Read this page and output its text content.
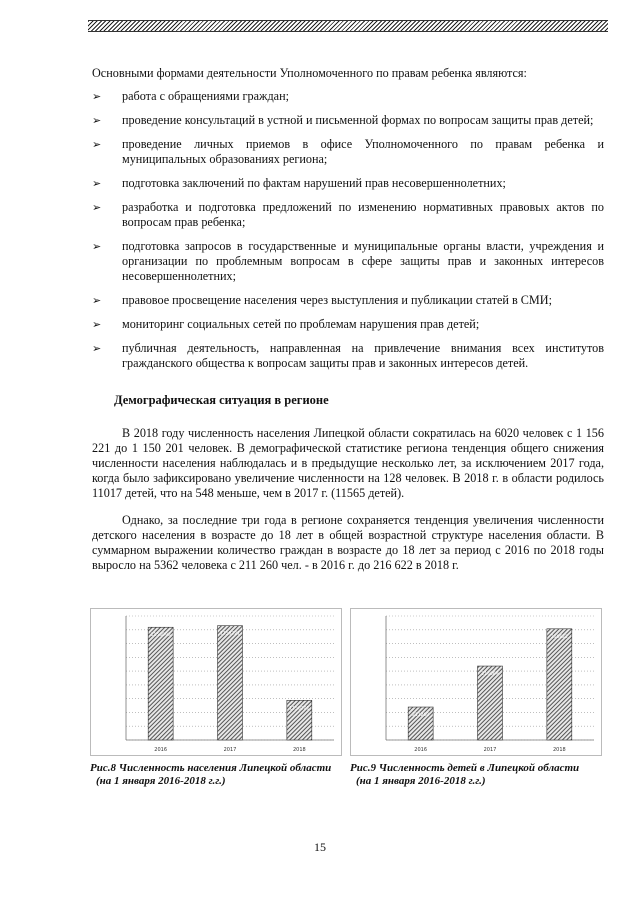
Основными формами деятельности Уполномоченного по правам ребенка являются:

➢ работа с обращениями граждан;
➢ проведение консультаций в устной и письменной формах по вопросам защиты прав детей;
➢ проведение личных приемов в офисе Уполномоченного по правам ребенка и муниципальных образованиях региона;
➢ подготовка заключений по фактам нарушений прав несовершеннолетних;
➢ разработка и подготовка предложений по изменению нормативных правовых актов по вопросам прав ребенка;
➢ подготовка запросов в государственные и муниципальные органы власти, учреждения и организации по проблемным вопросам в сфере защиты прав и законных интересов несовершеннолетних;
➢ правовое просвещение населения через выступления и публикации статей в СМИ;
➢ мониторинг социальных сетей по проблемам нарушения прав детей;
➢ публичная деятельность, направленная на привлечение внимания всех институтов гражданского общества к вопросам защиты прав и законных интересов детей.
Демографическая ситуация в регионе

В 2018 году численность населения Липецкой области сократилась на 6020 человек с 1 156 221 до 1 150 201 человек. В демографической статистике региона тенденция общего снижения численности населения наблюдалась и в предыдущие несколько лет, за исключением 2017 года, когда было зафиксировано увеличение численности на 128 человек. В 2018 г. в области родилось 11017 детей, что на 548 меньше, чем в 2017 г. (11565 детей).

Однако, за последние три года в регионе сохраняется тенденция увеличения численности детского населения в возрасте до 18 лет в общей возрастной структуре населения области. В суммарном выражении количество граждан в возрасте до 18 лет за период с 2016 по 2018 годы выросло на 5362 человека с 211 260 чел. - в 2016 г. до 216 622 в 2018 г.

1156093
2016
1156221
2017
1150201
2018
Рис.8 Численность населения Липецкой области
(на 1 января 2016-2018 г.г.)
211260
2016
214069
2017
216622
2018
Рис.9 Численность детей в Липецкой области
(на 1 января 2016-2018 г.г.)
15
